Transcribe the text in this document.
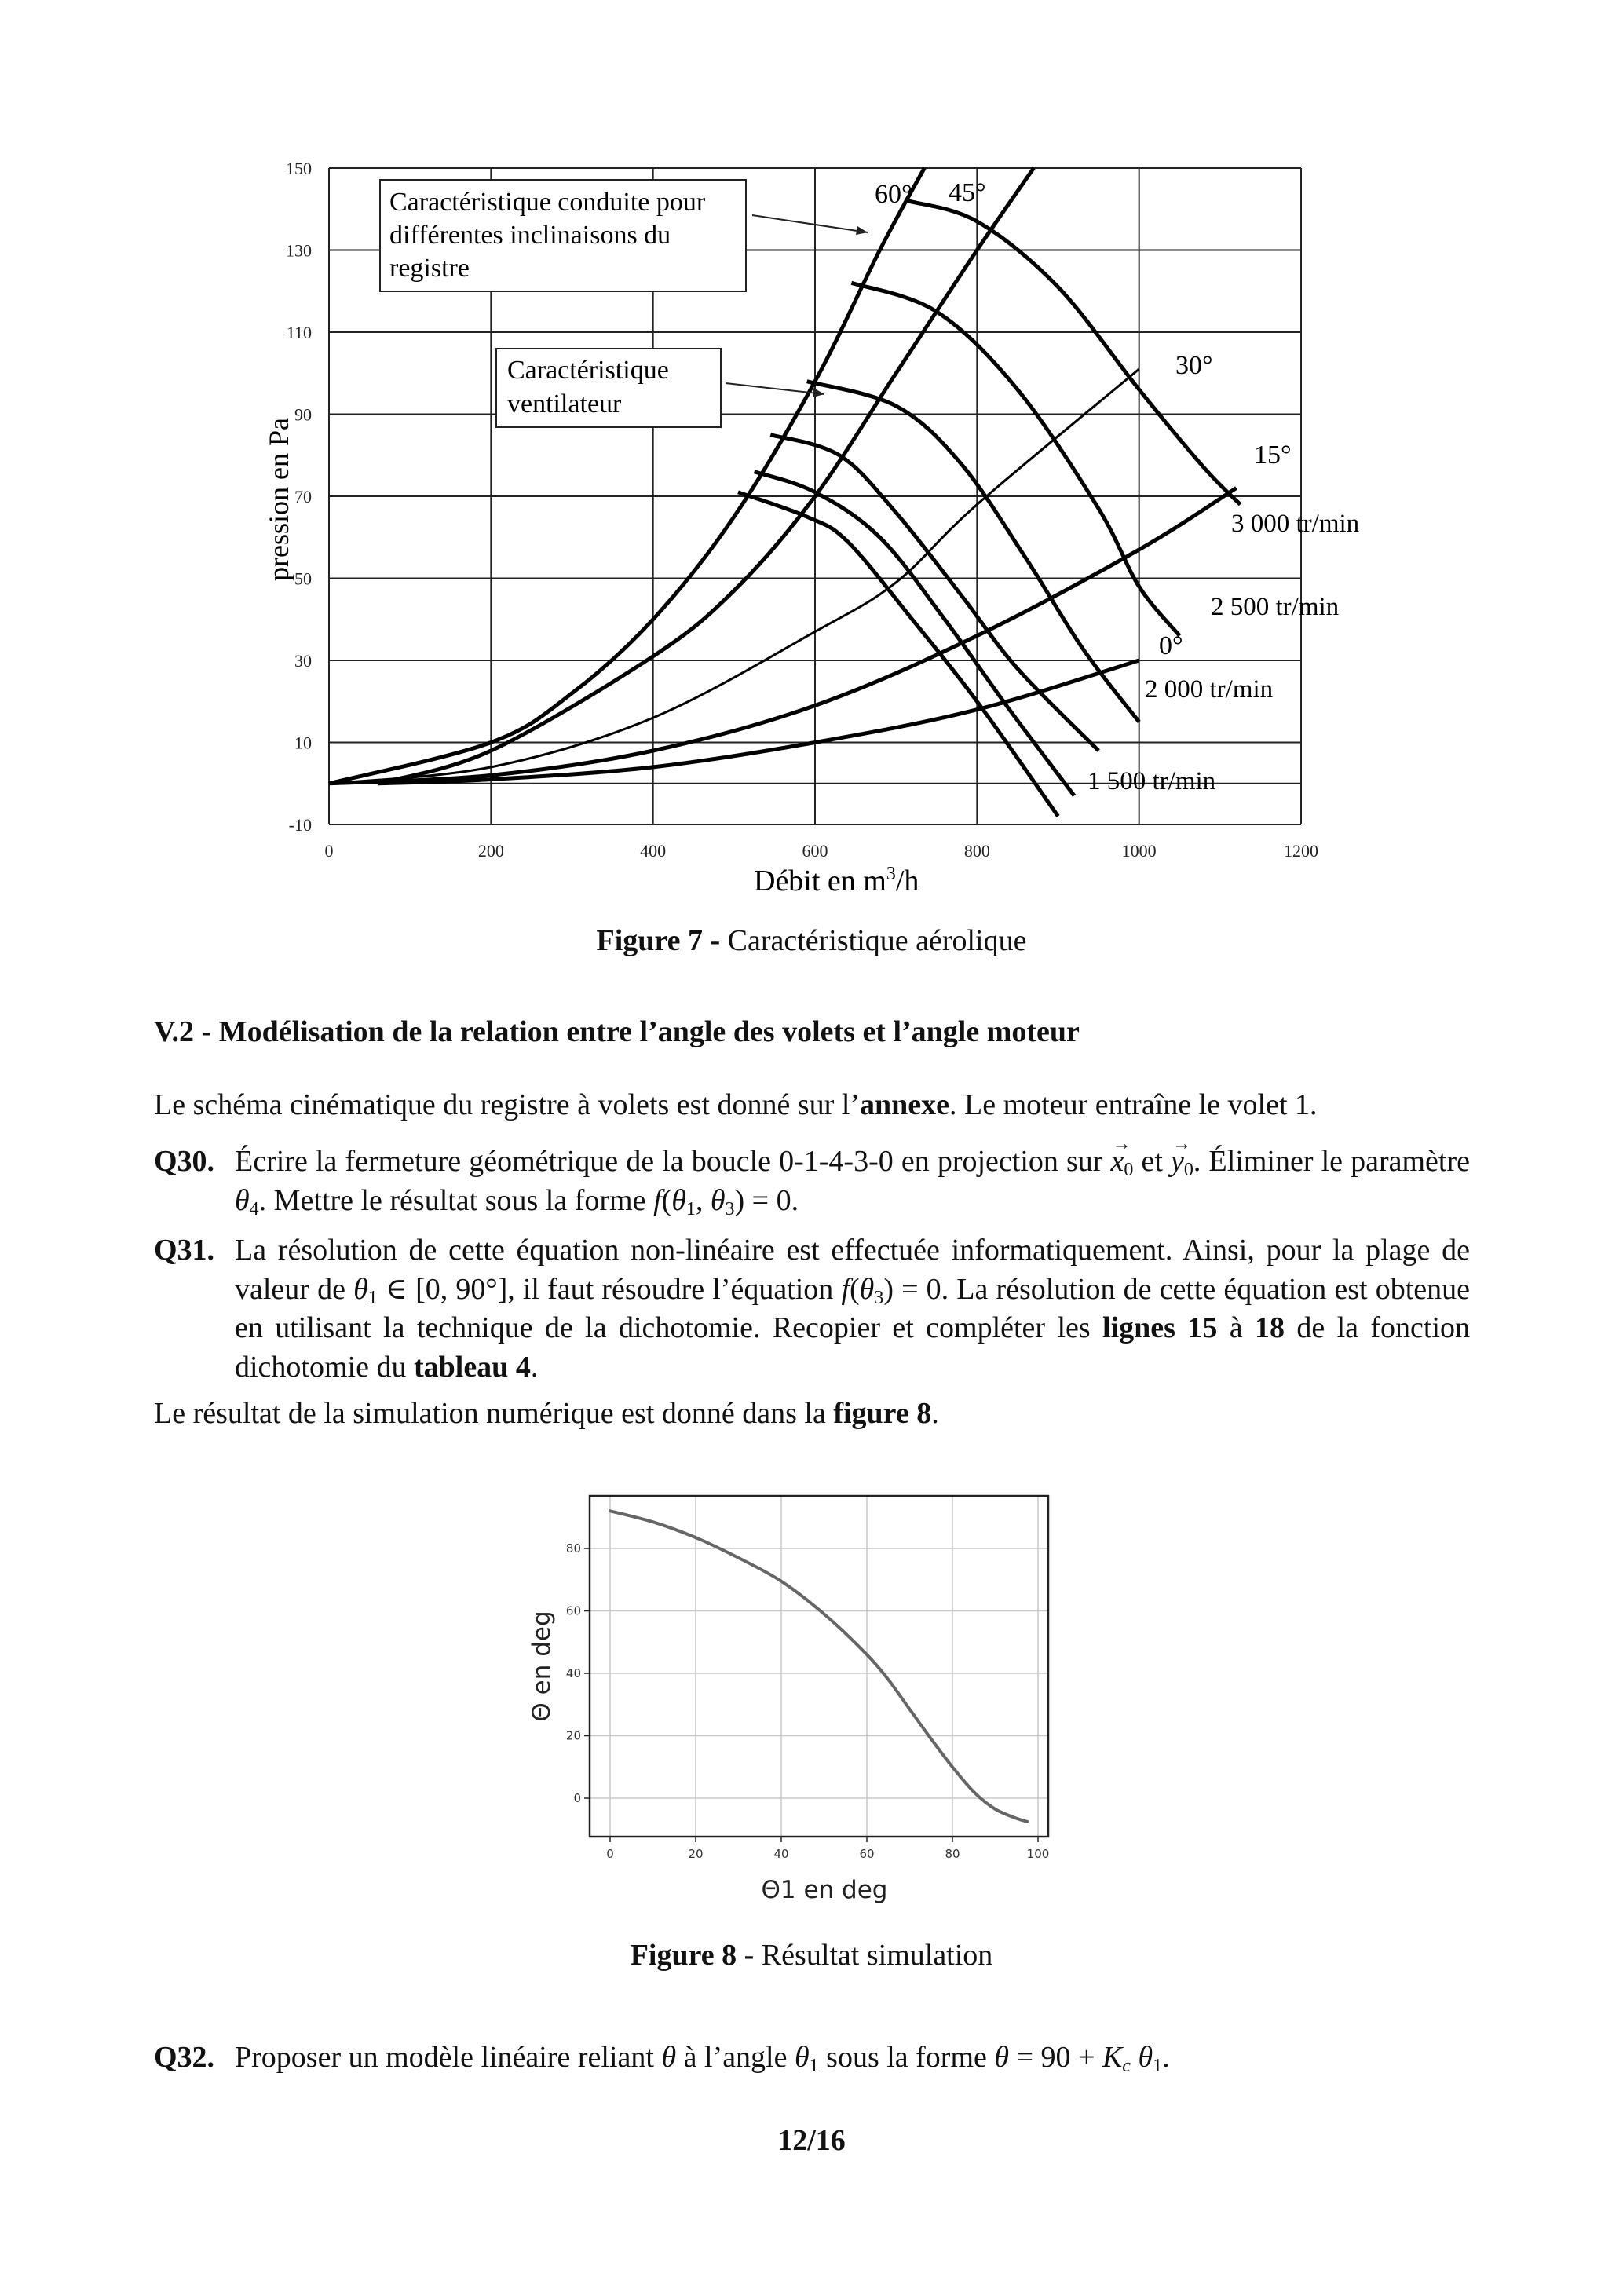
0	200	400	600	800	1000	1200
-10
10
30
50
70
90
110
130
150
Caractéristique conduite pour
différentes inclinaisons du
registre
Caractéristique
ventilateur
60° 45°
30°
15°
0°
3 000 tr/min
2 500 tr/min
2 000 tr/min
1 500 tr/min
Débit en $m^3/h$
pression en Pa
Figure 7 - Caractéristique aérolique
V.2 - Modélisation de la relation entre l’angle des volets et l’angle moteur
Le schéma cinématique du registre à volets est donné sur l’annexe. Le moteur entraîne le volet 1.
Q30. Écrire la fermeture géométrique de la boucle 0-1-4-3-0 en projection sur → $x_0$ et → $y_0$. Éliminer le paramètre $\theta_4$. Mettre le résultat sous la forme $f(\theta_1$, $\theta_3) = 0$.
Q31. La résolution de cette équation non-linéaire est effectuée informatiquement. Ainsi, pour la plage de valeur de $\theta_1$ ∈ [0, 90°], il faut résoudre l’équation $f(\theta_3) = 0$. La résolution de cette équation est obtenue en utilisant la technique de la dichotomie. Recopier et compléter les lignes 15 à 18 de la fonction dichotomie du tableau 4.
Le résultat de la simulation numérique est donné dans la figure 8.
0	20	40	60	80	100
0
20
40
60
80
Θ1 en deg
Θ en deg
Figure 8 - Résultat simulation
Q32. Proposer un modèle linéaire reliant θ à l’angle $\theta_1$ sous la forme $\theta = 90 + K_c$ $\theta_1$.
12/16
